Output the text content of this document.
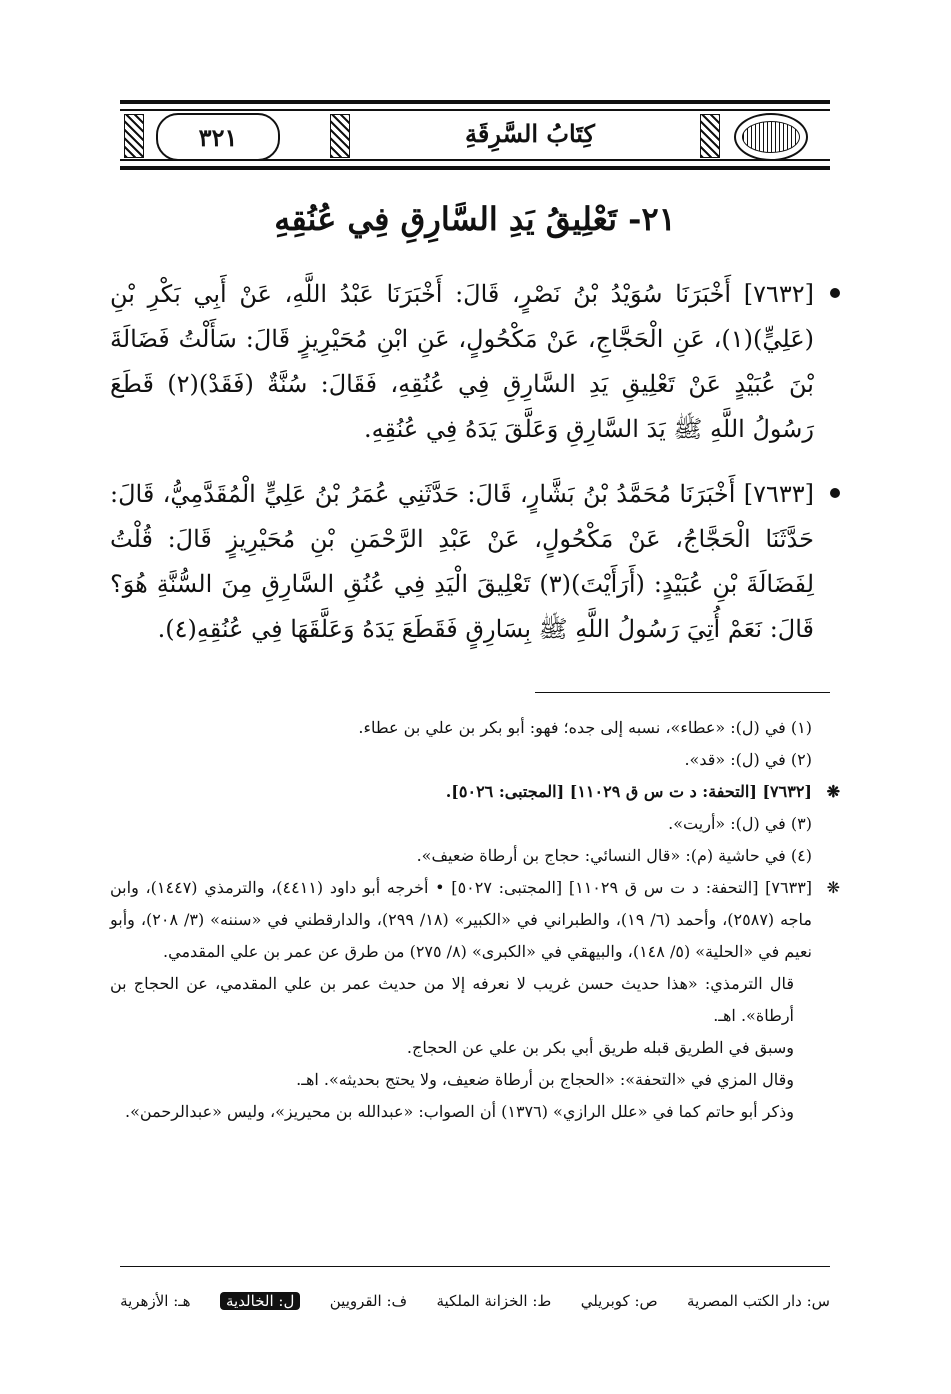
٣٢١	كِتَابُ السَّرِقَةِ
٢١- تَعْلِيقُ يَدِ السَّارِقِ فِي عُنُقِهِ

[٧٦٣٢] أَخْبَرَنَا سُوَيْدُ بْنُ نَصْرٍ، قَالَ: أَخْبَرَنَا عَبْدُ اللَّهِ، عَنْ أَبِي بَكْرِ بْنِ (عَلِيٍّ)(١)، عَنِ الْحَجَّاجِ، عَنْ مَكْحُولٍ، عَنِ ابْنِ مُحَيْرِيزٍ قَالَ: سَأَلْتُ فَضَالَةَ بْنَ عُبَيْدٍ عَنْ تَعْلِيقِ يَدِ السَّارِقِ فِي عُنُقِهِ، فَقَالَ: سُنَّةٌ (فَقَدْ)(٢) قَطَعَ رَسُولُ اللَّهِ ﷺ يَدَ السَّارِقِ وَعَلَّقَ يَدَهُ فِي عُنُقِهِ.

[٧٦٣٣] أَخْبَرَنَا مُحَمَّدُ بْنُ بَشَّارٍ، قَالَ: حَدَّثَنِي عُمَرُ بْنُ عَلِيٍّ الْمُقَدَّمِيُّ، قَالَ: حَدَّثَنَا الْحَجَّاجُ، عَنْ مَكْحُولٍ، عَنْ عَبْدِ الرَّحْمَنِ بْنِ مُحَيْرِيزٍ قَالَ: قُلْتُ لِفَضَالَةَ بْنِ عُبَيْدٍ: (أَرَأَيْتَ)(٣) تَعْلِيقَ الْيَدِ فِي عُنُقِ السَّارِقِ مِنَ السُّنَّةِ هُوَ؟ قَالَ: نَعَمْ أُتِيَ رَسُولُ اللَّهِ ﷺ بِسَارِقٍ فَقَطَعَ يَدَهُ وَعَلَّقَهَا فِي عُنُقِهِ(٤).

(١) في (ل): «عطاء»، نسبه إلى جده؛ فهو: أبو بكر بن علي بن عطاء.

(٢) في (ل): «قد».

❋
[٧٦٣٢] [التحفة: د ت س ق ١١٠٢٩] [المجتبى: ٥٠٢٦].

(٣) في (ل): «أريت».

(٤) في حاشية (م): «قال النسائي: حجاج بن أرطاة ضعيف».

❋
[٧٦٣٣] [التحفة: د ت س ق ١١٠٢٩] [المجتبى: ٥٠٢٧] • أخرجه أبو داود (٤٤١١)، والترمذي (١٤٤٧)، وابن ماجه (٢٥٨٧)، وأحمد (٦/ ١٩)، والطبراني في «الكبير» (١٨/ ٢٩٩)، والدارقطني في «سننه» (٣/ ٢٠٨)، وأبو نعيم في «الحلية» (٥/ ١٤٨)، والبيهقي في «الكبرى» (٨/ ٢٧٥) من طرق عن عمر بن علي المقدمي.

قال الترمذي: «هذا حديث حسن غريب لا نعرفه إلا من حديث عمر بن علي المقدمي، عن الحجاج بن أرطاة». اهـ.

وسبق في الطريق قبله طريق أبي بكر بن علي عن الحجاج.

وقال المزي في «التحفة»: «الحجاج بن أرطاة ضعيف، ولا يحتج بحديثه». اهـ.

وذكر أبو حاتم كما في «علل الرازي» (١٣٧٦) أن الصواب: «عبدالله بن محيريز»، وليس «عبدالرحمن».

س: دار الكتب المصرية
ص: كوبريلي
ط: الخزانة الملكية
ف: القرويين
ل: الخالدية
هـ: الأزهرية
